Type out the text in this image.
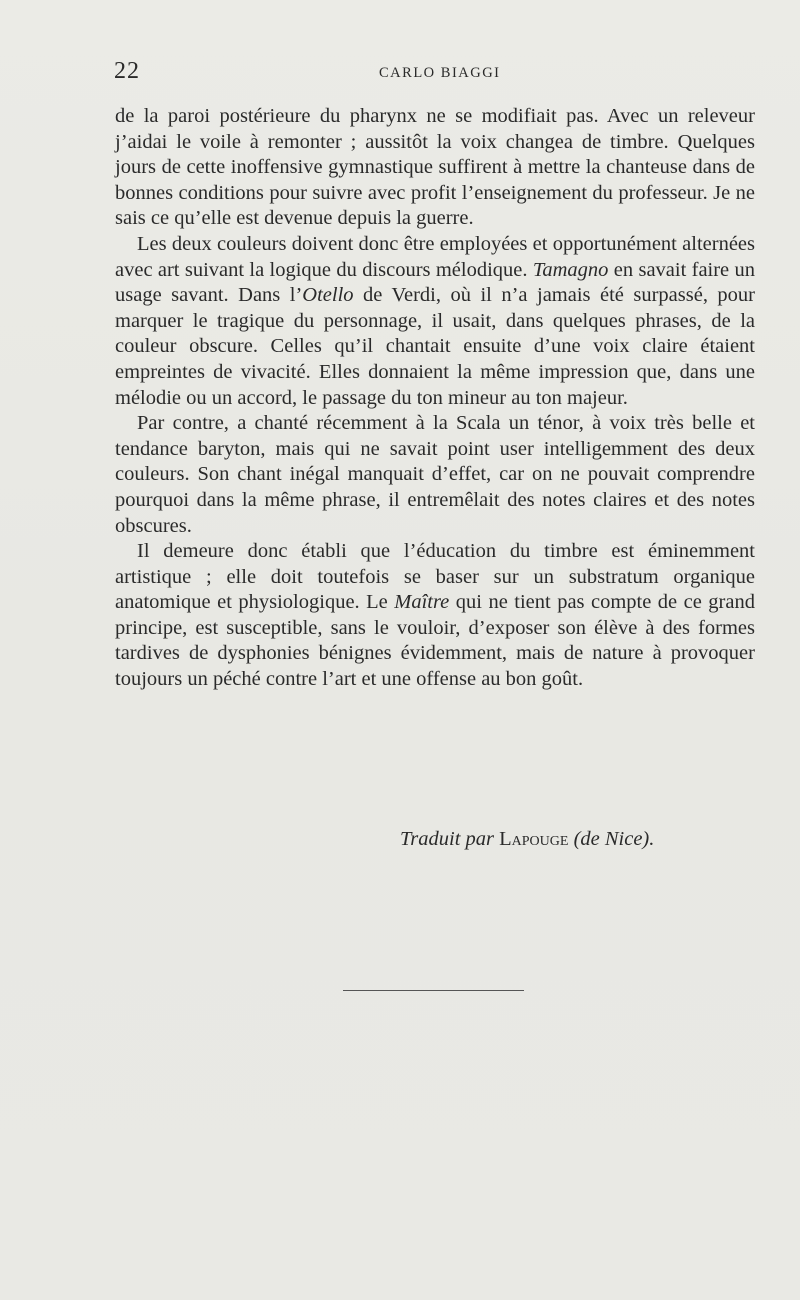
22	CARLO BIAGGI

de la paroi postérieure du pharynx ne se modifiait pas. Avec un releveur j’aidai le voile à remonter ; aussitôt la voix changea de timbre. Quelques jours de cette inoffensive gymnastique suffirent à mettre la chanteuse dans de bonnes conditions pour suivre avec profit l’enseignement du professeur. Je ne sais ce qu’elle est devenue depuis la guerre.

Les deux couleurs doivent donc être employées et opportunément alternées avec art suivant la logique du discours mélodique. Tamagno en savait faire un usage savant. Dans l’Otello de Verdi, où il n’a jamais été surpassé, pour marquer le tragique du personnage, il usait, dans quelques phrases, de la couleur obscure. Celles qu’il chantait ensuite d’une voix claire étaient empreintes de vivacité. Elles donnaient la même impression que, dans une mélodie ou un accord, le passage du ton mineur au ton majeur.

Par contre, a chanté récemment à la Scala un ténor, à voix très belle et tendance baryton, mais qui ne savait point user intelligemment des deux couleurs. Son chant inégal manquait d’effet, car on ne pouvait comprendre pourquoi dans la même phrase, il entremêlait des notes claires et des notes obscures.

Il demeure donc établi que l’éducation du timbre est éminemment artistique ; elle doit toutefois se baser sur un substratum organique anatomique et physiologique. Le Maître qui ne tient pas compte de ce grand principe, est susceptible, sans le vouloir, d’exposer son élève à des formes tardives de dysphonies bénignes évidemment, mais de nature à provoquer toujours un péché contre l’art et une offense au bon goût.

Traduit par Lapouge (de Nice).
